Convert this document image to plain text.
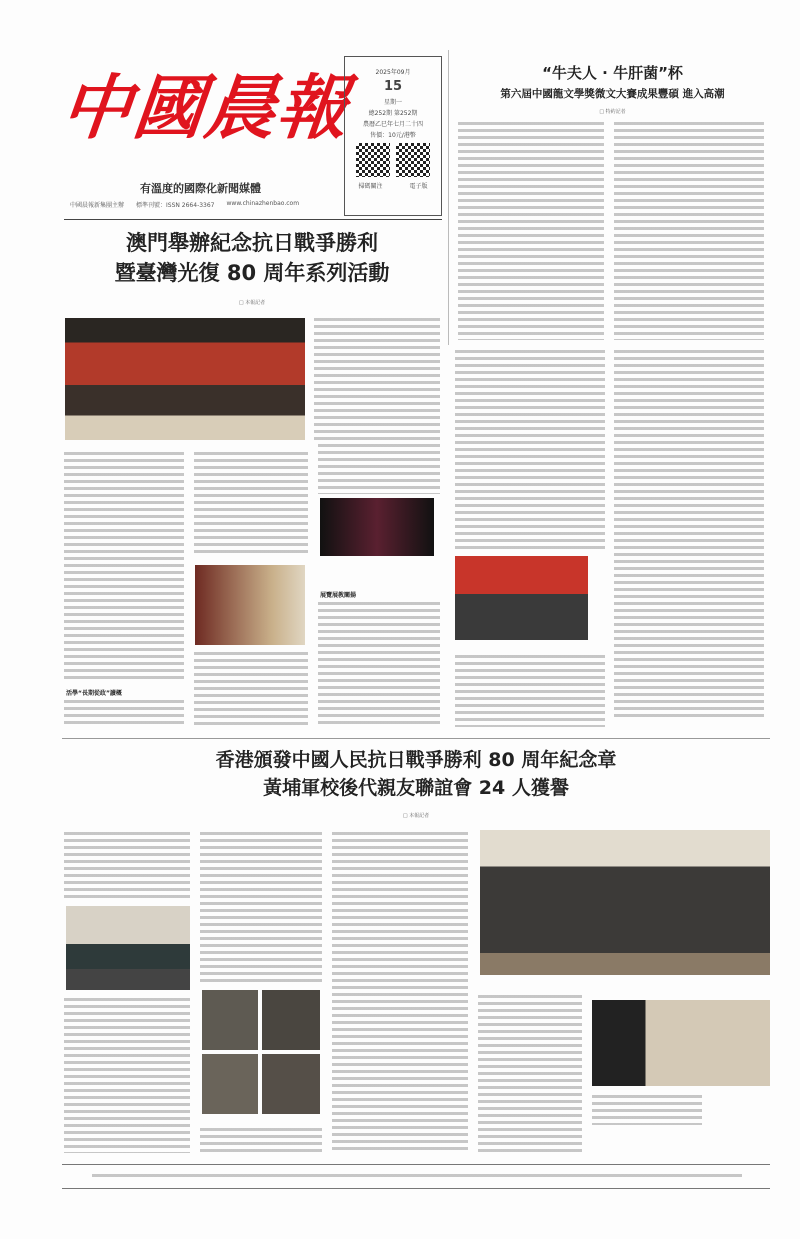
中國晨報
有溫度的國際化新聞媒體
中國晨報新集團主辦 標準刊號：ISSN 2664-3367 www.chinazhenbao.com
2025年09月
15
星期一
總252期 第252期
農曆乙巳年七月二十四
售價：10元/港幣
掃碼關注	電子版
“牛夫人 · 牛肝菌”杯
第六屆中國龍文學獎微文大賽成果豐碩 進入高潮
□ 特約記者
澳門舉辦紀念抗日戰爭勝利
暨臺灣光復 80 周年系列活動
□ 本報記者
展覽展教闡揚
活學“長期從政”讀概
香港頒發中國人民抗日戰爭勝利 80 周年紀念章
黃埔軍校後代親友聯誼會 24 人獲譽
□ 本報記者
